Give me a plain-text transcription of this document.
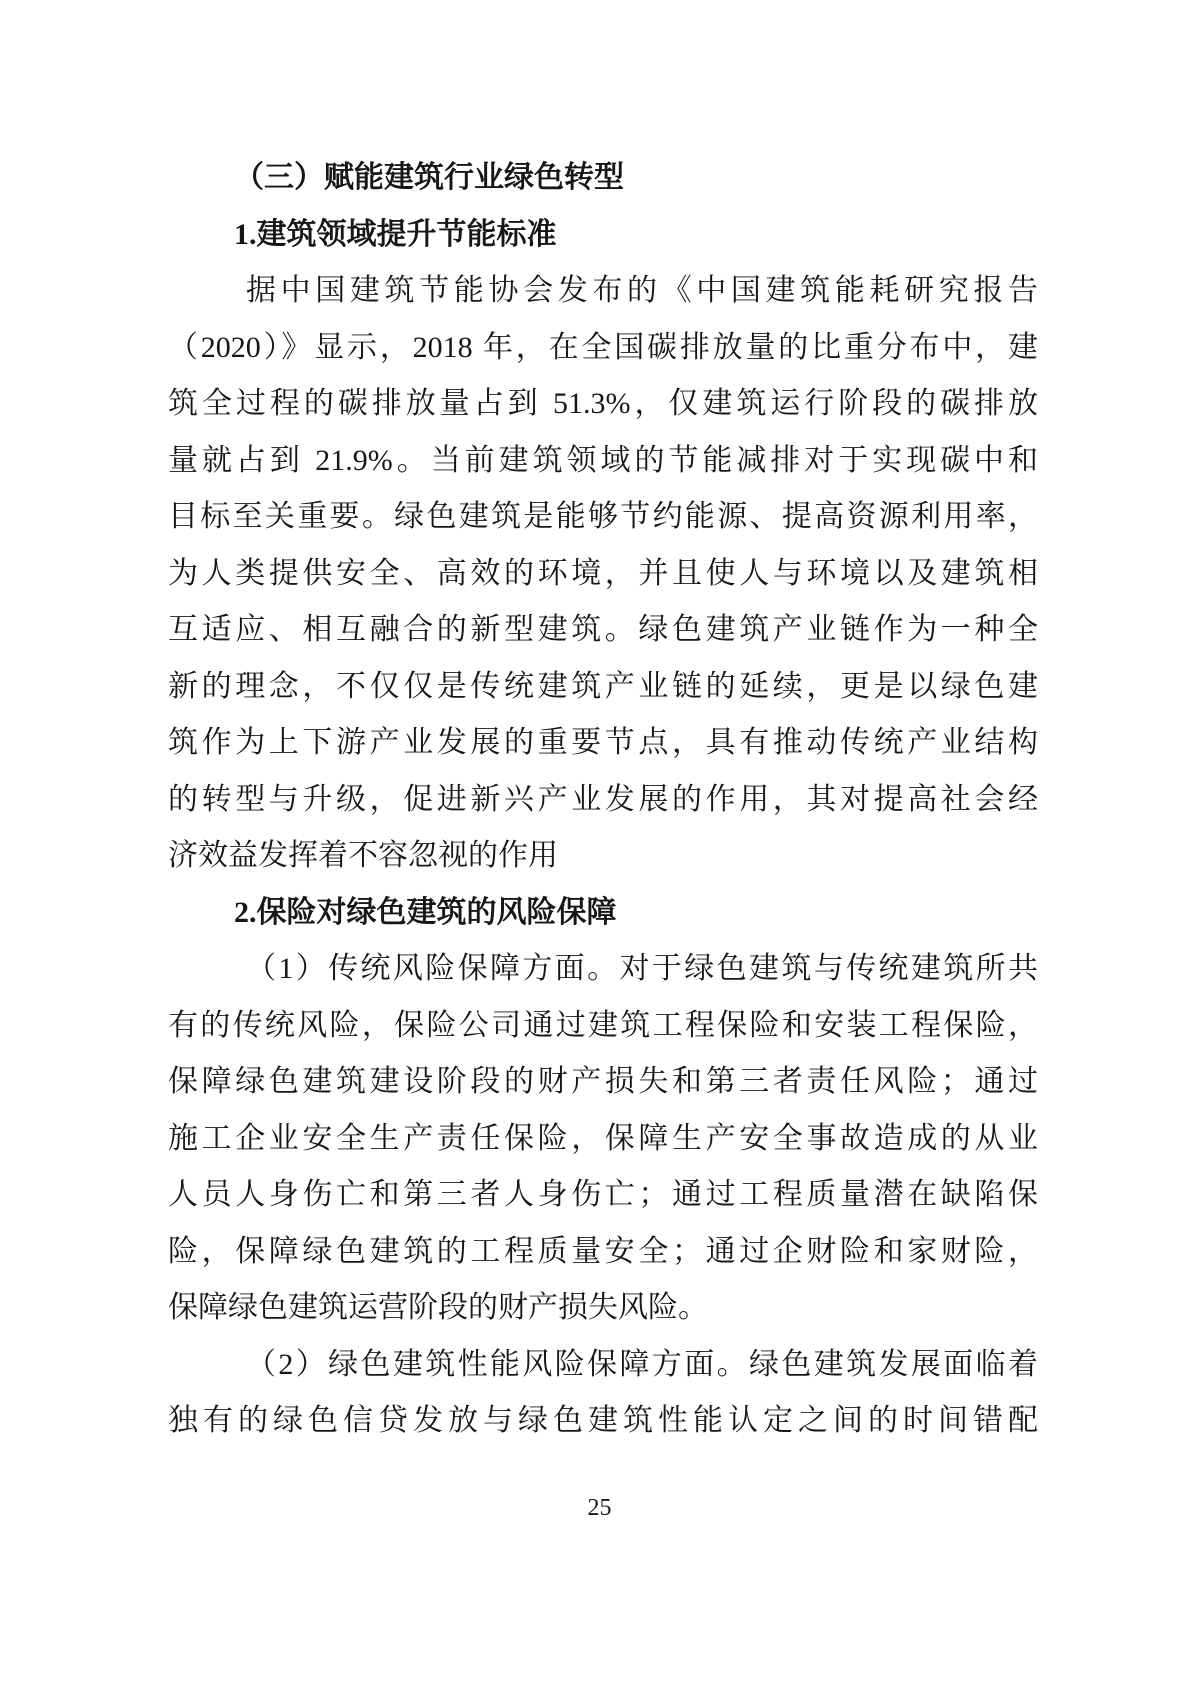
（三）赋能建筑行业绿色转型
1.建筑领域提升节能标准
据中国建筑节能协会发布的《中国建筑能耗研究报告
（2020）》显示，2018 年，在全国碳排放量的比重分布中，建
筑全过程的碳排放量占到 51.3%，仅建筑运行阶段的碳排放
量就占到 21.9%。当前建筑领域的节能减排对于实现碳中和
目标至关重要。绿色建筑是能够节约能源、提高资源利用率，
为人类提供安全、高效的环境，并且使人与环境以及建筑相
互适应、相互融合的新型建筑。绿色建筑产业链作为一种全
新的理念，不仅仅是传统建筑产业链的延续，更是以绿色建
筑作为上下游产业发展的重要节点，具有推动传统产业结构
的转型与升级，促进新兴产业发展的作用，其对提高社会经
济效益发挥着不容忽视的作用
2.保险对绿色建筑的风险保障
（1）传统风险保障方面。对于绿色建筑与传统建筑所共
有的传统风险，保险公司通过建筑工程保险和安装工程保险，
保障绿色建筑建设阶段的财产损失和第三者责任风险；通过
施工企业安全生产责任保险，保障生产安全事故造成的从业
人员人身伤亡和第三者人身伤亡；通过工程质量潜在缺陷保
险，保障绿色建筑的工程质量安全；通过企财险和家财险，
保障绿色建筑运营阶段的财产损失风险。
（2）绿色建筑性能风险保障方面。绿色建筑发展面临着
独有的绿色信贷发放与绿色建筑性能认定之间的时间错配
25
